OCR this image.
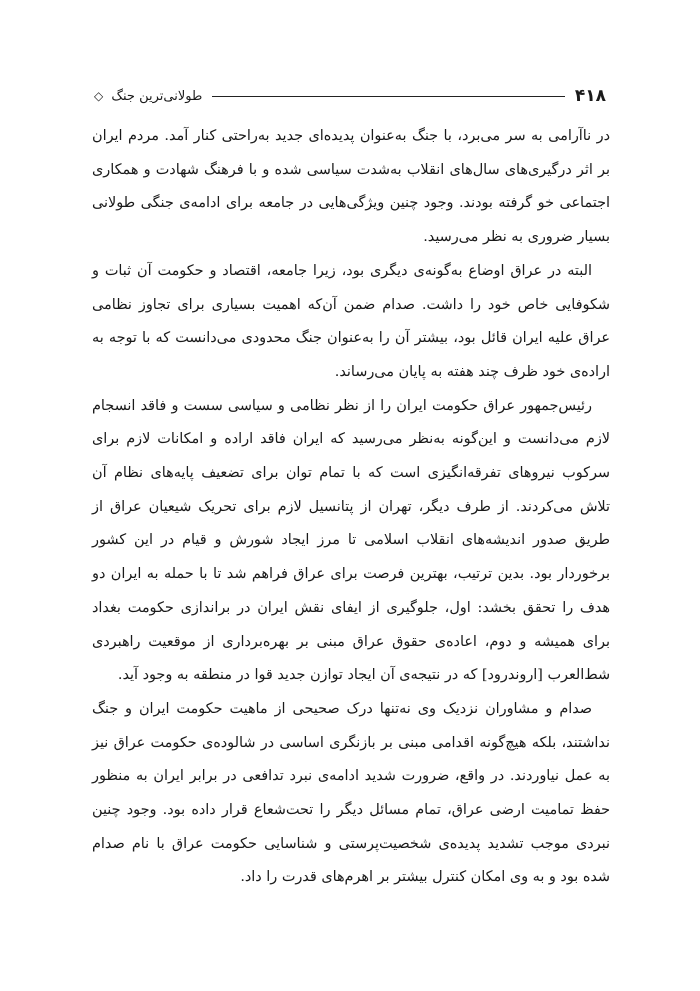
۴۱۸
طولانی‌ترین جنگ ◇

در ناآرامی به سر می‌برد، با جنگ به‌عنوان پدیده‌ای جدید به‌راحتی کنار آمد. مردم ایران بر اثر درگیری‌های سال‌های انقلاب به‌شدت سیاسی شده و با فرهنگ شهادت و همکاری اجتماعی خو گرفته بودند. وجود چنین ویژگی‌هایی در جامعه برای ادامه‌ی جنگی طولانی بسیار ضروری به نظر می‌رسید.

البته در عراق اوضاع به‌گونه‌ی دیگری بود، زیرا جامعه، اقتصاد و حکومت آن ثبات و شکوفایی خاص خود را داشت. صدام ضمن آن‌که اهمیت بسیاری برای تجاوز نظامی عراق علیه ایران قائل بود، بیشتر آن را به‌عنوان جنگ محدودی می‌دانست که با توجه به اراده‌ی خود ظرف چند هفته به پایان می‌رساند.

رئیس‌جمهور عراق حکومت ایران را از نظر نظامی و سیاسی سست و فاقد انسجام لازم می‌دانست و این‌گونه به‌نظر می‌رسید که ایران فاقد اراده و امکانات لازم برای سرکوب نیروهای تفرقه‌انگیزی است که با تمام توان برای تضعیف پایه‌های نظام آن تلاش می‌کردند. از طرف دیگر، تهران از پتانسیل لازم برای تحریک شیعیان عراق از طریق صدور اندیشه‌های انقلاب اسلامی تا مرز ایجاد شورش و قیام در این کشور برخوردار بود. بدین ترتیب، بهترین فرصت برای عراق فراهم شد تا با حمله به ایران دو هدف را تحقق بخشد: اول، جلوگیری از ایفای نقش ایران در براندازی حکومت بغداد برای همیشه و دوم، اعاده‌ی حقوق عراق مبنی بر بهره‌برداری از موقعیت راهبردی شط‌العرب [اروندرود] که در نتیجه‌ی آن ایجاد توازن جدید قوا در منطقه به وجود آید.

صدام و مشاوران نزدیک وی نه‌تنها درک صحیحی از ماهیت حکومت ایران و جنگ نداشتند، بلکه هیچ‌گونه اقدامی مبنی بر بازنگری اساسی در شالوده‌ی حکومت عراق نیز به عمل نیاوردند. در واقع، ضرورت شدید ادامه‌ی نبرد تدافعی در برابر ایران به منظور حفظ تمامیت ارضی عراق، تمام مسائل دیگر را تحت‌شعاع قرار داده بود. وجود چنین نبردی موجب تشدید پدیده‌ی شخصیت‌پرستی و شناسایی حکومت عراق با نام صدام شده بود و به وی امکان کنترل بیشتر بر اهرم‌های قدرت را داد.
